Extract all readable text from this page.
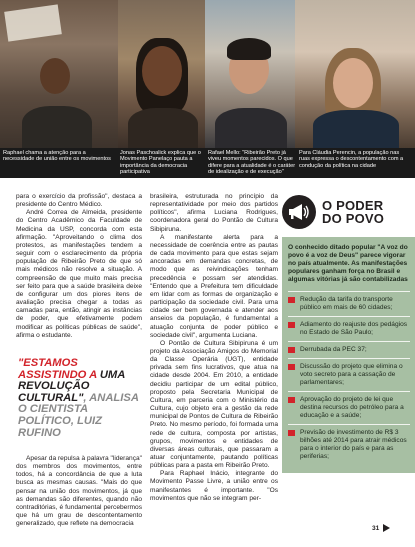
Raphael chama a atenção para a necessidade de união entre os movimentos
Jonas Paschoalick explica que o Movimento Panelaço pauta a importância da democracia participativa
Rafael Mello: "Ribeirão Preto já viveu momentos parecidos. O que difere para a atualidade é o caráter de idealização e de execução"
Para Cláudia Perencin, a população nas ruas expressa o descontentamento com a condução da política na cidade

para o exercício da profissão", destaca a presidente do Centro Médico.

André Correa de Almeida, presidente do Centro Acadêmico da Faculdade de Medicina da USP, concorda com esta afirmação. "Aproveitando o clima dos protestos, as manifestações tendem a seguir com o esclarecimento da própria população de Ribeirão Preto de que só mais médicos não resolve a situação. A compreensão de que muito mais precisa ser feito para que a saúde brasileira deixe de configurar um dos piores itens de avaliação precisa chegar a todas as camadas para, então, atingir as instâncias de poder, que efetivamente podem modificar as políticas públicas de saúde", afirma o estudante.

"ESTAMOS ASSISTINDO A UMA REVOLUÇÃO CULTURAL", ANALISA O CIENTISTA POLÍTICO, LUIZ RUFINO

Apesar da repulsa à palavra "liderança" dos membros dos movimentos, entre todos, há a concordância de que a luta busca as mesmas causas. "Mais do que pensar na união dos movimentos, já que as demandas são diferentes, quando não contraditórias, é fundamental percebermos que há um grau de descontentamento generalizado, que reflete na democracia

brasileira, estruturada no princípio da representatividade por meio dos partidos políticos", afirma Luciana Rodrigues, coordenadora geral do Pontão de Cultura Sibipiruna.

A manifestante alerta para a necessidade de coerência entre as pautas de cada movimento para que estas sejam ancoradas em demandas concretas, de modo que as reivindicações tenham precedência e possam ser atendidas. "Entendo que a Prefeitura tem dificuldade em lidar com as formas de organização e participação da sociedade civil. Para uma cidade ser bem governada e atender aos anseios da população, é fundamental a atuação conjunta de poder público e sociedade civil", argumenta Luciana.

O Pontão de Cultura Sibipiruna é um projeto da Associação Amigos do Memorial da Classe Operária (UGT), entidade privada sem fins lucrativos, que atua na cidade desde 2004. Em 2010, a entidade decidiu participar de um edital público, proposto pela Secretaria Municipal de Cultura, em parceria com o Ministério da Cultura, cujo objeto era a gestão da rede municipal de Pontos de Cultura de Ribeirão Preto. No mesmo período, foi formada uma rede de cultura, composta por artistas, grupos, movimentos e entidades de diversas áreas culturais, que passaram a atuar conjuntamente, pautando políticas públicas para a pasta em Ribeirão Preto.

Para Raphael Inácio, integrante do Movimento Passe Livre, a união entre os manifestantes é importante. "Os movimentos que não se integram per-

O PODER
DO POVO
O conhecido ditado popular "A voz do povo é a voz de Deus" parece vigorar no país atualmente. As manifestações populares ganham força no Brasil e algumas vitórias já são contabilizadas
Redução da tarifa do transporte público em mais de 60 cidades;
Adiamento do reajuste dos pedágios no Estado de São Paulo;
Derrubada da PEC 37;
Discussão do projeto que elimina o voto secreto para a cassação de parlamentares;
Aprovação do projeto de lei que destina recursos do petróleo para a educação e a saúde;
Previsão de investimento de R$ 3 bilhões até 2014 para atrair médicos para o interior do país e para as periferias;
31
